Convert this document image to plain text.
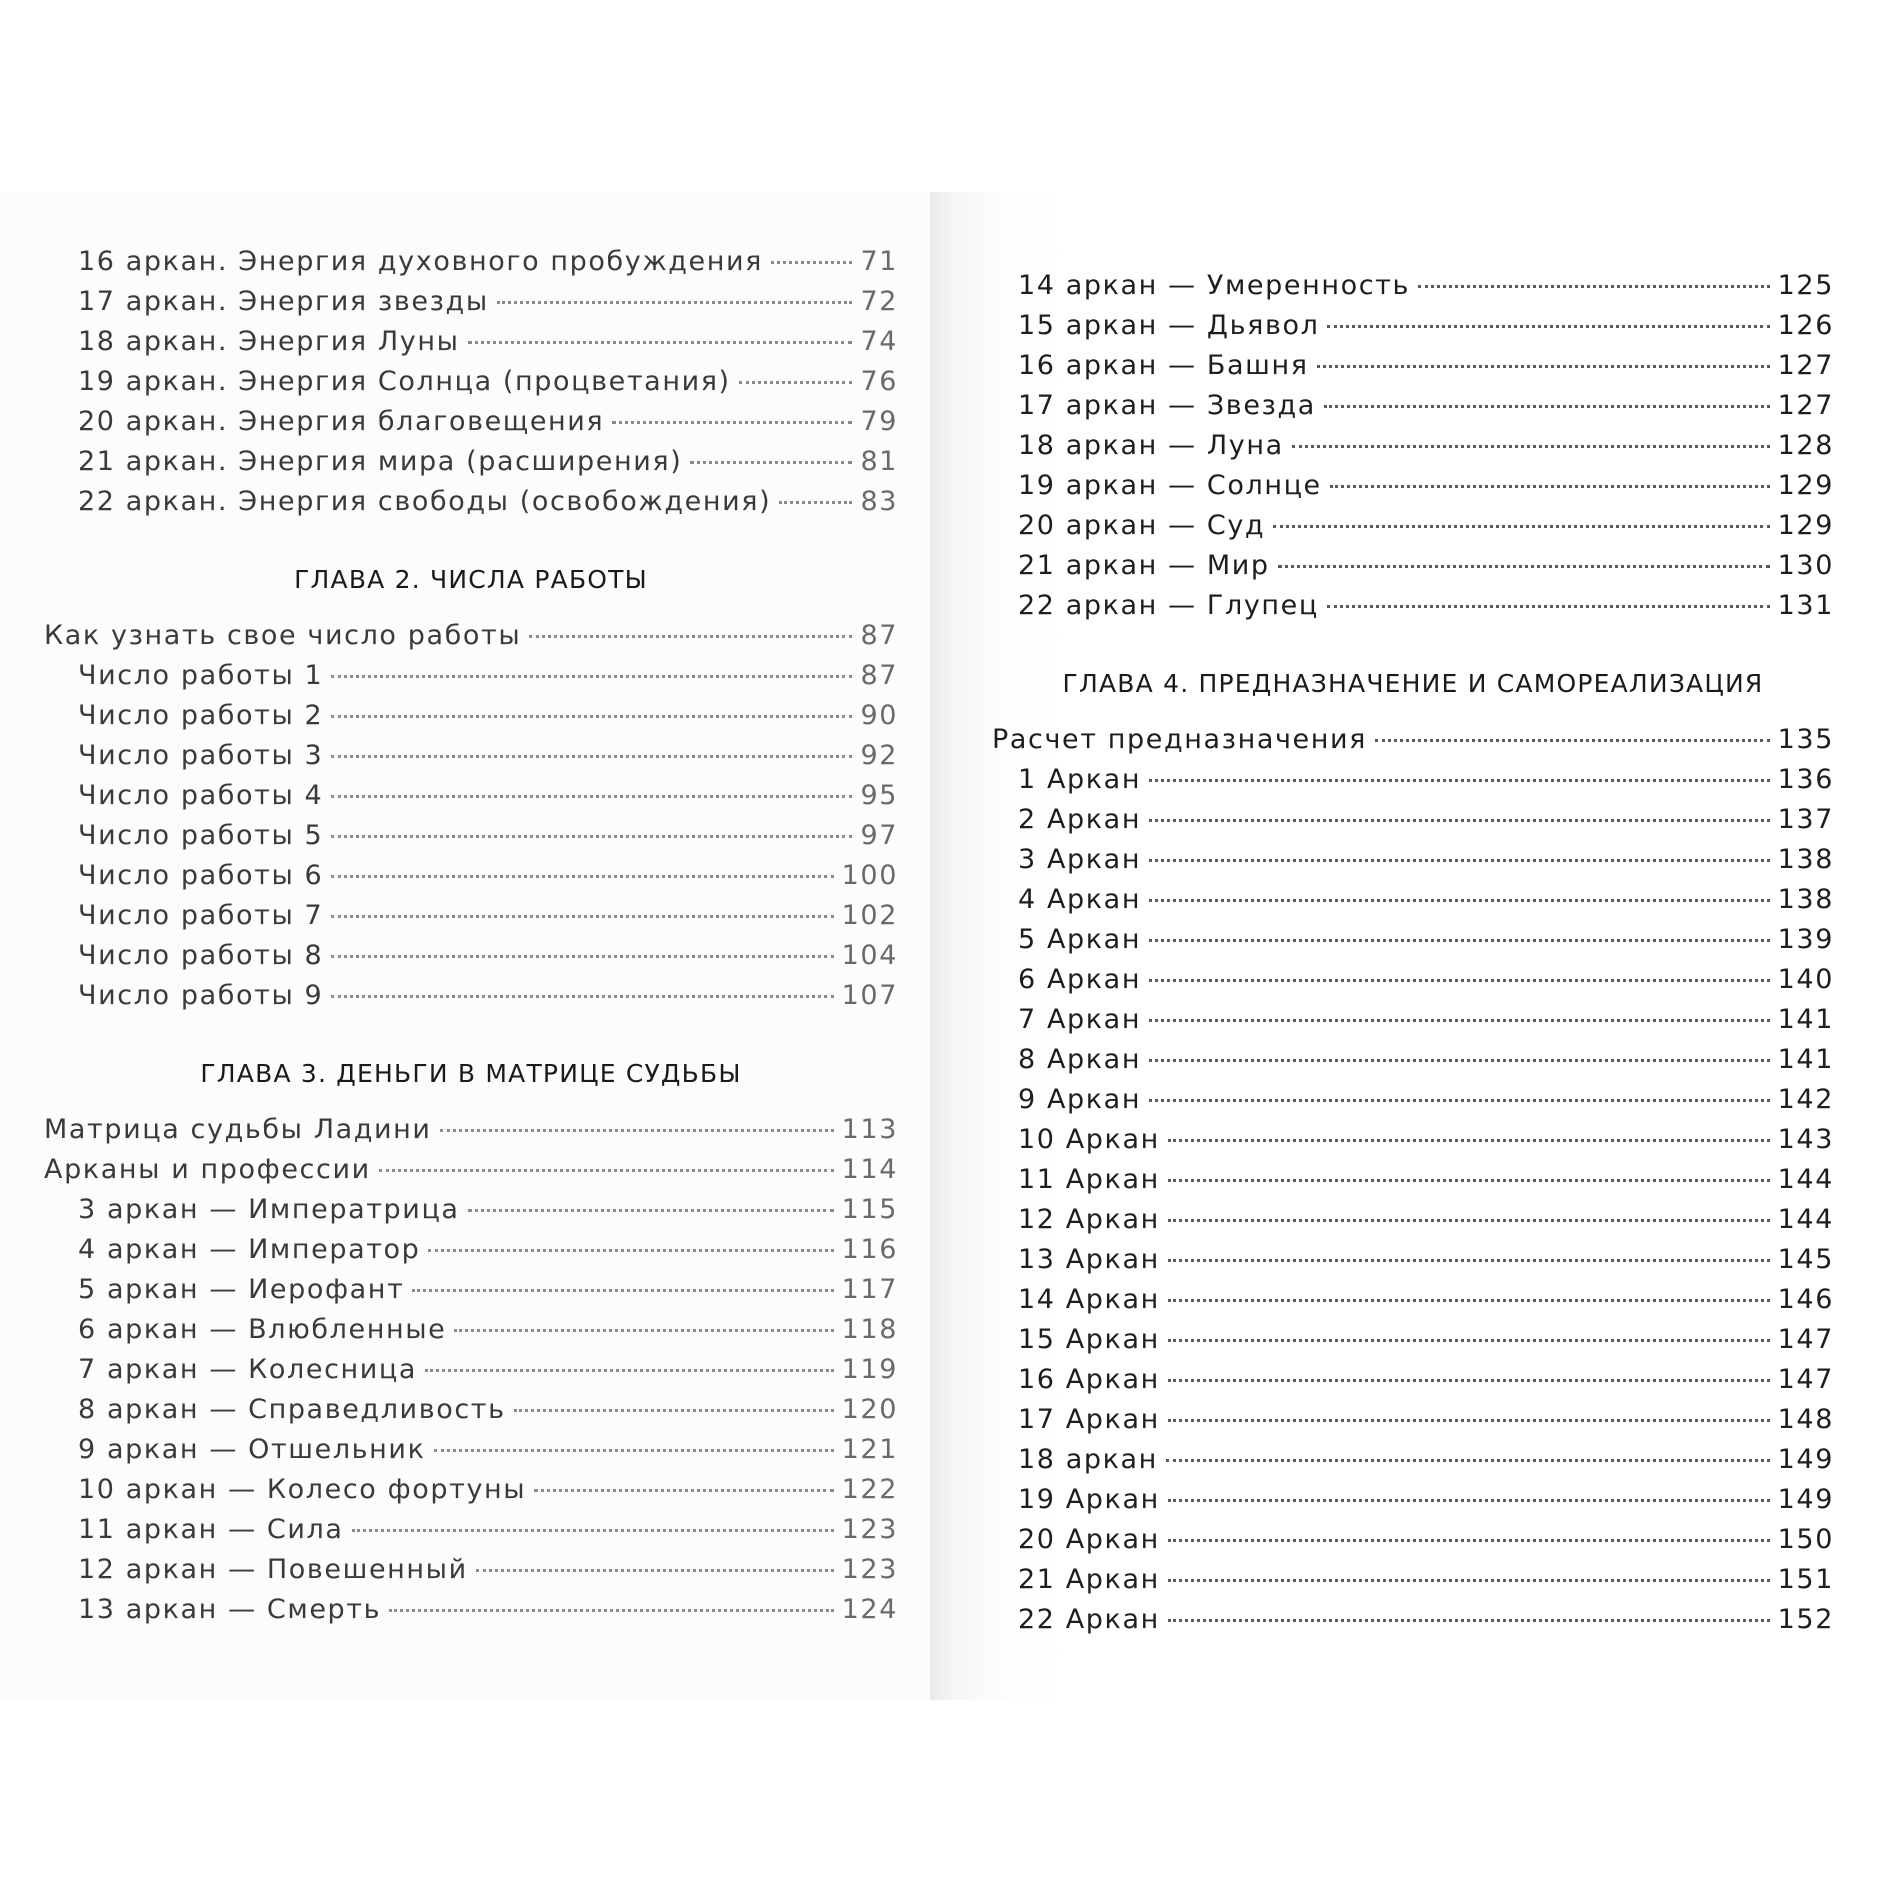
16 аркан. Энергия духовного пробуждения	71
17 аркан. Энергия звезды	72
18 аркан. Энергия Луны	74
19 аркан. Энергия Солнца (процветания)	76
20 аркан. Энергия благовещения	79
21 аркан. Энергия мира (расширения)	81
22 аркан. Энергия свободы (освобождения)	83
ГЛАВА 2. ЧИСЛА РАБОТЫ
Как узнать свое число работы	87
Число работы 1	87
Число работы 2	90
Число работы 3	92
Число работы 4	95
Число работы 5	97
Число работы 6	100
Число работы 7	102
Число работы 8	104
Число работы 9	107
ГЛАВА 3. ДЕНЬГИ В МАТРИЦЕ СУДЬБЫ
Матрица судьбы Ладини	113
Арканы и профессии	114
3 аркан — Императрица	115
4 аркан — Император	116
5 аркан — Иерофант	117
6 аркан — Влюбленные	118
7 аркан — Колесница	119
8 аркан — Справедливость	120
9 аркан — Отшельник	121
10 аркан — Колесо фортуны	122
11 аркан — Сила	123
12 аркан — Повешенный	123
13 аркан — Смерть	124
14 аркан — Умеренность	125
15 аркан — Дьявол	126
16 аркан — Башня	127
17 аркан — Звезда	127
18 аркан — Луна	128
19 аркан — Солнце	129
20 аркан — Суд	129
21 аркан — Мир	130
22 аркан — Глупец	131
ГЛАВА 4. ПРЕДНАЗНАЧЕНИЕ И САМОРЕАЛИЗАЦИЯ
Расчет предназначения	135
1 Аркан	136
2 Аркан	137
3 Аркан	138
4 Аркан	138
5 Аркан	139
6 Аркан	140
7 Аркан	141
8 Аркан	141
9 Аркан	142
10 Аркан	143
11 Аркан	144
12 Аркан	144
13 Аркан	145
14 Аркан	146
15 Аркан	147
16 Аркан	147
17 Аркан	148
18 аркан	149
19 Аркан	149
20 Аркан	150
21 Аркан	151
22 Аркан	152
